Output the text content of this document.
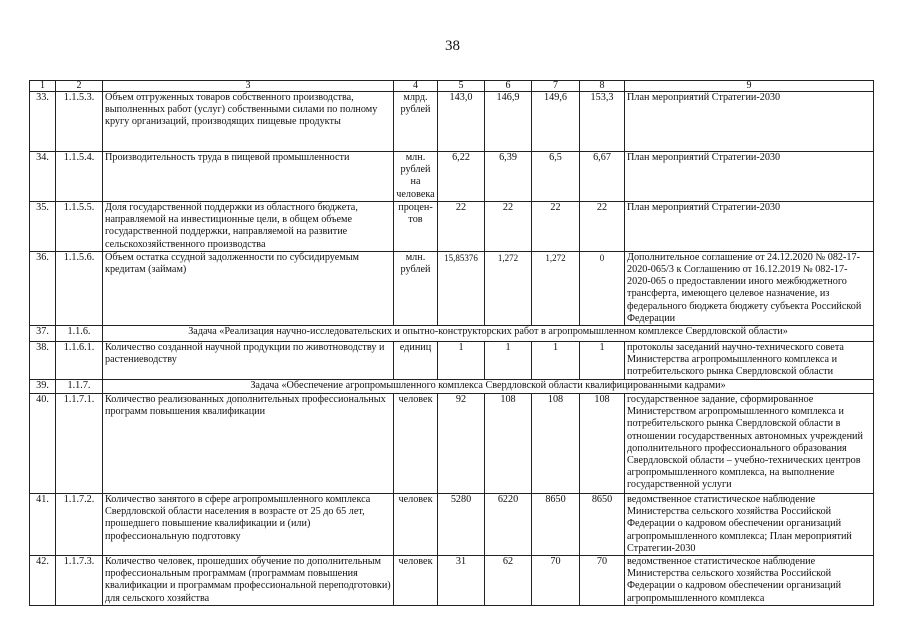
38
1	2	3	4	5	6	7	8	9
33.	1.1.5.3.	Объем отгруженных товаров собственного производства, выполненных работ (услуг) собственными силами по полному кругу организаций, производящих пищевые продукты	млрд. рублей	143,0	146,9	149,6	153,3	План мероприятий Стратегии-2030
34.	1.1.5.4.	Производительность труда в пищевой промышленности	млн. рублей на человека	6,22	6,39	6,5	6,67	План мероприятий Стратегии-2030
35.	1.1.5.5.	Доля государственной поддержки из областного бюджета, направляемой на инвестиционные цели, в общем объеме государственной поддержки, направляемой на развитие сельскохозяйственного производства	процен-тов	22	22	22	22	План мероприятий Стратегии-2030
36.	1.1.5.6.	Объем остатка ссудной задолженности по субсидируемым кредитам (займам)	млн. рублей	15,85376	1,272	1,272	0	Дополнительное соглашение от 24.12.2020 № 082-17-2020-065/3 к Соглашению от 16.12.2019 № 082-17-2020-065 о предоставлении иного межбюджетного трансферта, имеющего целевое назначение, из федерального бюджета бюджету субъекта Российской Федерации
37.	1.1.6.	Задача «Реализация научно-исследовательских и опытно-конструкторских работ в агропромышленном комплексе Свердловской области»						
38.	1.1.6.1.	Количество созданной научной продукции по животноводству и растениеводству	единиц	1	1	1	1	протоколы заседаний научно-технического совета Министерства агропромышленного комплекса и потребительского рынка Свердловской области
39.	1.1.7.	Задача «Обеспечение агропромышленного комплекса Свердловской области квалифицированными кадрами»						
40.	1.1.7.1.	Количество реализованных дополнительных профессиональных программ повышения квалификации	человек	92	108	108	108	государственное задание, сформированное Министерством агропромышленного комплекса и потребительского рынка Свердловской области в отношении государственных автономных учреждений дополнительного профессионального образования Свердловской области – учебно-технических центров агропромышленного комплекса, на выполнение государственной услуги
41.	1.1.7.2.	Количество занятого в сфере агропромышленного комплекса Свердловской области населения в возрасте от 25 до 65 лет, прошедшего повышение квалификации и (или) профессиональную подготовку	человек	5280	6220	8650	8650	ведомственное статистическое наблюдение Министерства сельского хозяйства Российской Федерации о кадровом обеспечении организаций агропромышленного комплекса; План мероприятий Стратегии-2030
42.	1.1.7.3.	Количество человек, прошедших обучение по дополнительным профессиональным программам (программам повышения квалификации и программам профессиональной переподготовки) для сельского хозяйства	человек	31	62	70	70	ведомственное статистическое наблюдение Министерства сельского хозяйства Российской Федерации о кадровом обеспечении организаций агропромышленного комплекса
